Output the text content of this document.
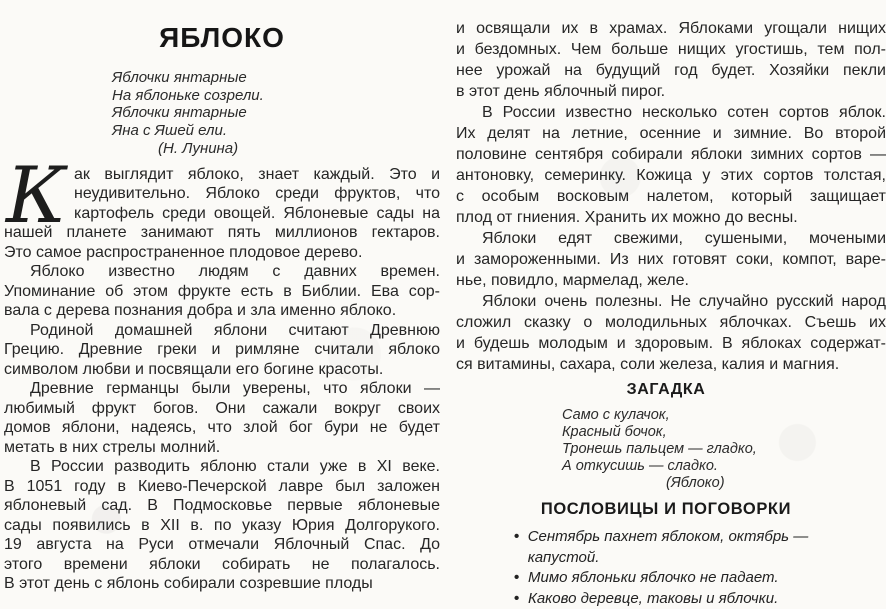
ЯБЛОКО
Яблочки янтарные
На яблоньке созрели.
Яблочки янтарные
Яна с Яшей ели.
(Н. Лунина)
К ак выглядит яблоко, знает каждый. Это и
неудивительно. Яблоко среди фруктов, что
картофель среди овощей. Яблоневые сады на
нашей планете занимают пять миллионов гектаров.
Это самое распространенное плодовое дерево.
Яблоко известно людям с давних времен.
Упоминание об этом фрукте есть в Библии. Ева сор-
вала с дерева познания добра и зла именно яблоко.
Родиной домашней яблони считают Древнюю
Грецию. Древние греки и римляне считали яблоко
символом любви и посвящали его богине красоты.
Древние германцы были уверены, что яблоки —
любимый фрукт богов. Они сажали вокруг своих
домов яблони, надеясь, что злой бог бури не будет
метать в них стрелы молний.
В России разводить яблоню стали уже в XI веке.
В 1051 году в Киево-Печерской лавре был заложен
яблоневый сад. В Подмосковье первые яблоневые
сады появились в XII в. по указу Юрия Долгорукого.
19 августа на Руси отмечали Яблочный Спас. До
этого времени яблоки собирать не полагалось.
В этот день с яблонь собирали созревшие плоды
и освящали их в храмах. Яблоками угощали нищих
и бездомных. Чем больше нищих угостишь, тем пол-
нее урожай на будущий год будет. Хозяйки пекли
в этот день яблочный пирог.
В России известно несколько сотен сортов яблок.
Их делят на летние, осенние и зимние. Во второй
половине сентября собирали яблоки зимних сортов —
антоновку, семеринку. Кожица у этих сортов толстая,
с особым восковым налетом, который защищает
плод от гниения. Хранить их можно до весны.
Яблоки едят свежими, сушеными, мочеными
и замороженными. Из них готовят соки, компот, варе-
нье, повидло, мармелад, желе.
Яблоки очень полезны. Не случайно русский народ
сложил сказку о молодильных яблочках. Съешь их
и будешь молодым и здоровым. В яблоках содержат-
ся витамины, сахара, соли железа, калия и магния.
ЗАГАДКА
Само с кулачок,
Красный бочок,
Тронешь пальцем — гладко,
А откусишь — сладко.
(Яблоко)
ПОСЛОВИЦЫ И ПОГОВОРКИ
• Сентябрь пахнет яблоком, октябрь — капустой.
• Мимо яблоньки яблочко не падает.
• Каково деревце, таковы и яблочки.
